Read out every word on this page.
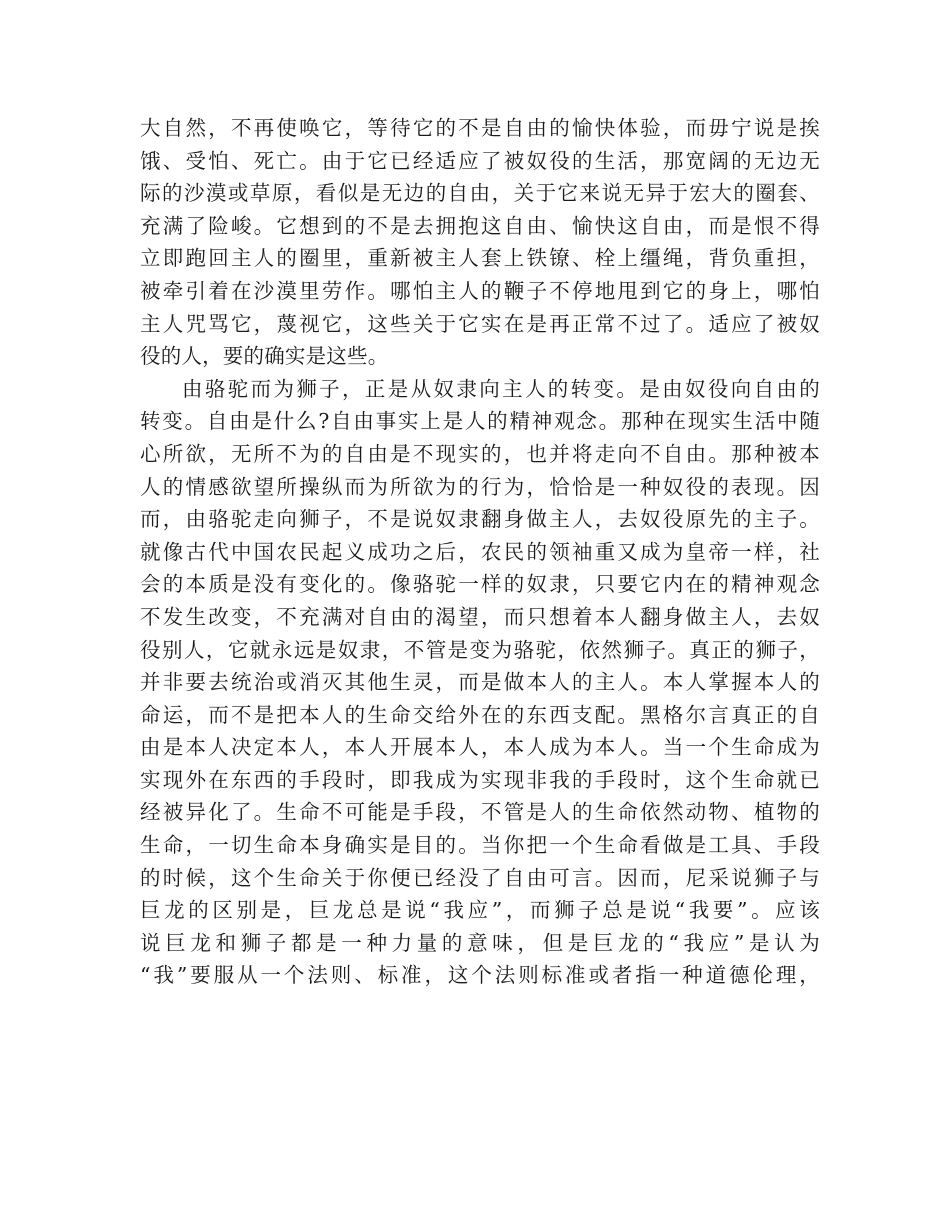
大自然，不再使唤它，等待它的不是自由的愉快体验，而毋宁说是挨
饿、受怕、死亡。由于它已经适应了被奴役的生活，那宽阔的无边无
际的沙漠或草原，看似是无边的自由，关于它来说无异于宏大的圈套、
充满了险峻。它想到的不是去拥抱这自由、愉快这自由，而是恨不得
立即跑回主人的圈里，重新被主人套上铁镣、栓上缰绳，背负重担，
被牵引着在沙漠里劳作。哪怕主人的鞭子不停地甩到它的身上，哪怕
主人咒骂它，蔑视它，这些关于它实在是再正常不过了。适应了被奴
役的人，要的确实是这些。
由骆驼而为狮子，正是从奴隶向主人的转变。是由奴役向自由的
转变。自由是什么?自由事实上是人的精神观念。那种在现实生活中随
心所欲，无所不为的自由是不现实的，也并将走向不自由。那种被本
人的情感欲望所操纵而为所欲为的行为，恰恰是一种奴役的表现。因
而，由骆驼走向狮子，不是说奴隶翻身做主人，去奴役原先的主子。
就像古代中国农民起义成功之后，农民的领袖重又成为皇帝一样，社
会的本质是没有变化的。像骆驼一样的奴隶，只要它内在的精神观念
不发生改变，不充满对自由的渴望，而只想着本人翻身做主人，去奴
役别人，它就永远是奴隶，不管是变为骆驼，依然狮子。真正的狮子，
并非要去统治或消灭其他生灵，而是做本人的主人。本人掌握本人的
命运，而不是把本人的生命交给外在的东西支配。黑格尔言真正的自
由是本人决定本人，本人开展本人，本人成为本人。当一个生命成为
实现外在东西的手段时，即我成为实现非我的手段时，这个生命就已
经被异化了。生命不可能是手段，不管是人的生命依然动物、植物的
生命，一切生命本身确实是目的。当你把一个生命看做是工具、手段
的时候，这个生命关于你便已经没了自由可言。因而，尼采说狮子与
巨龙的区别是，巨龙总是说“我应”，而狮子总是说“我要”。应该
说巨龙和狮子都是一种力量的意味，但是巨龙的“我应”是认为
“我”要服从一个法则、标准，这个法则标准或者指一种道德伦理，
